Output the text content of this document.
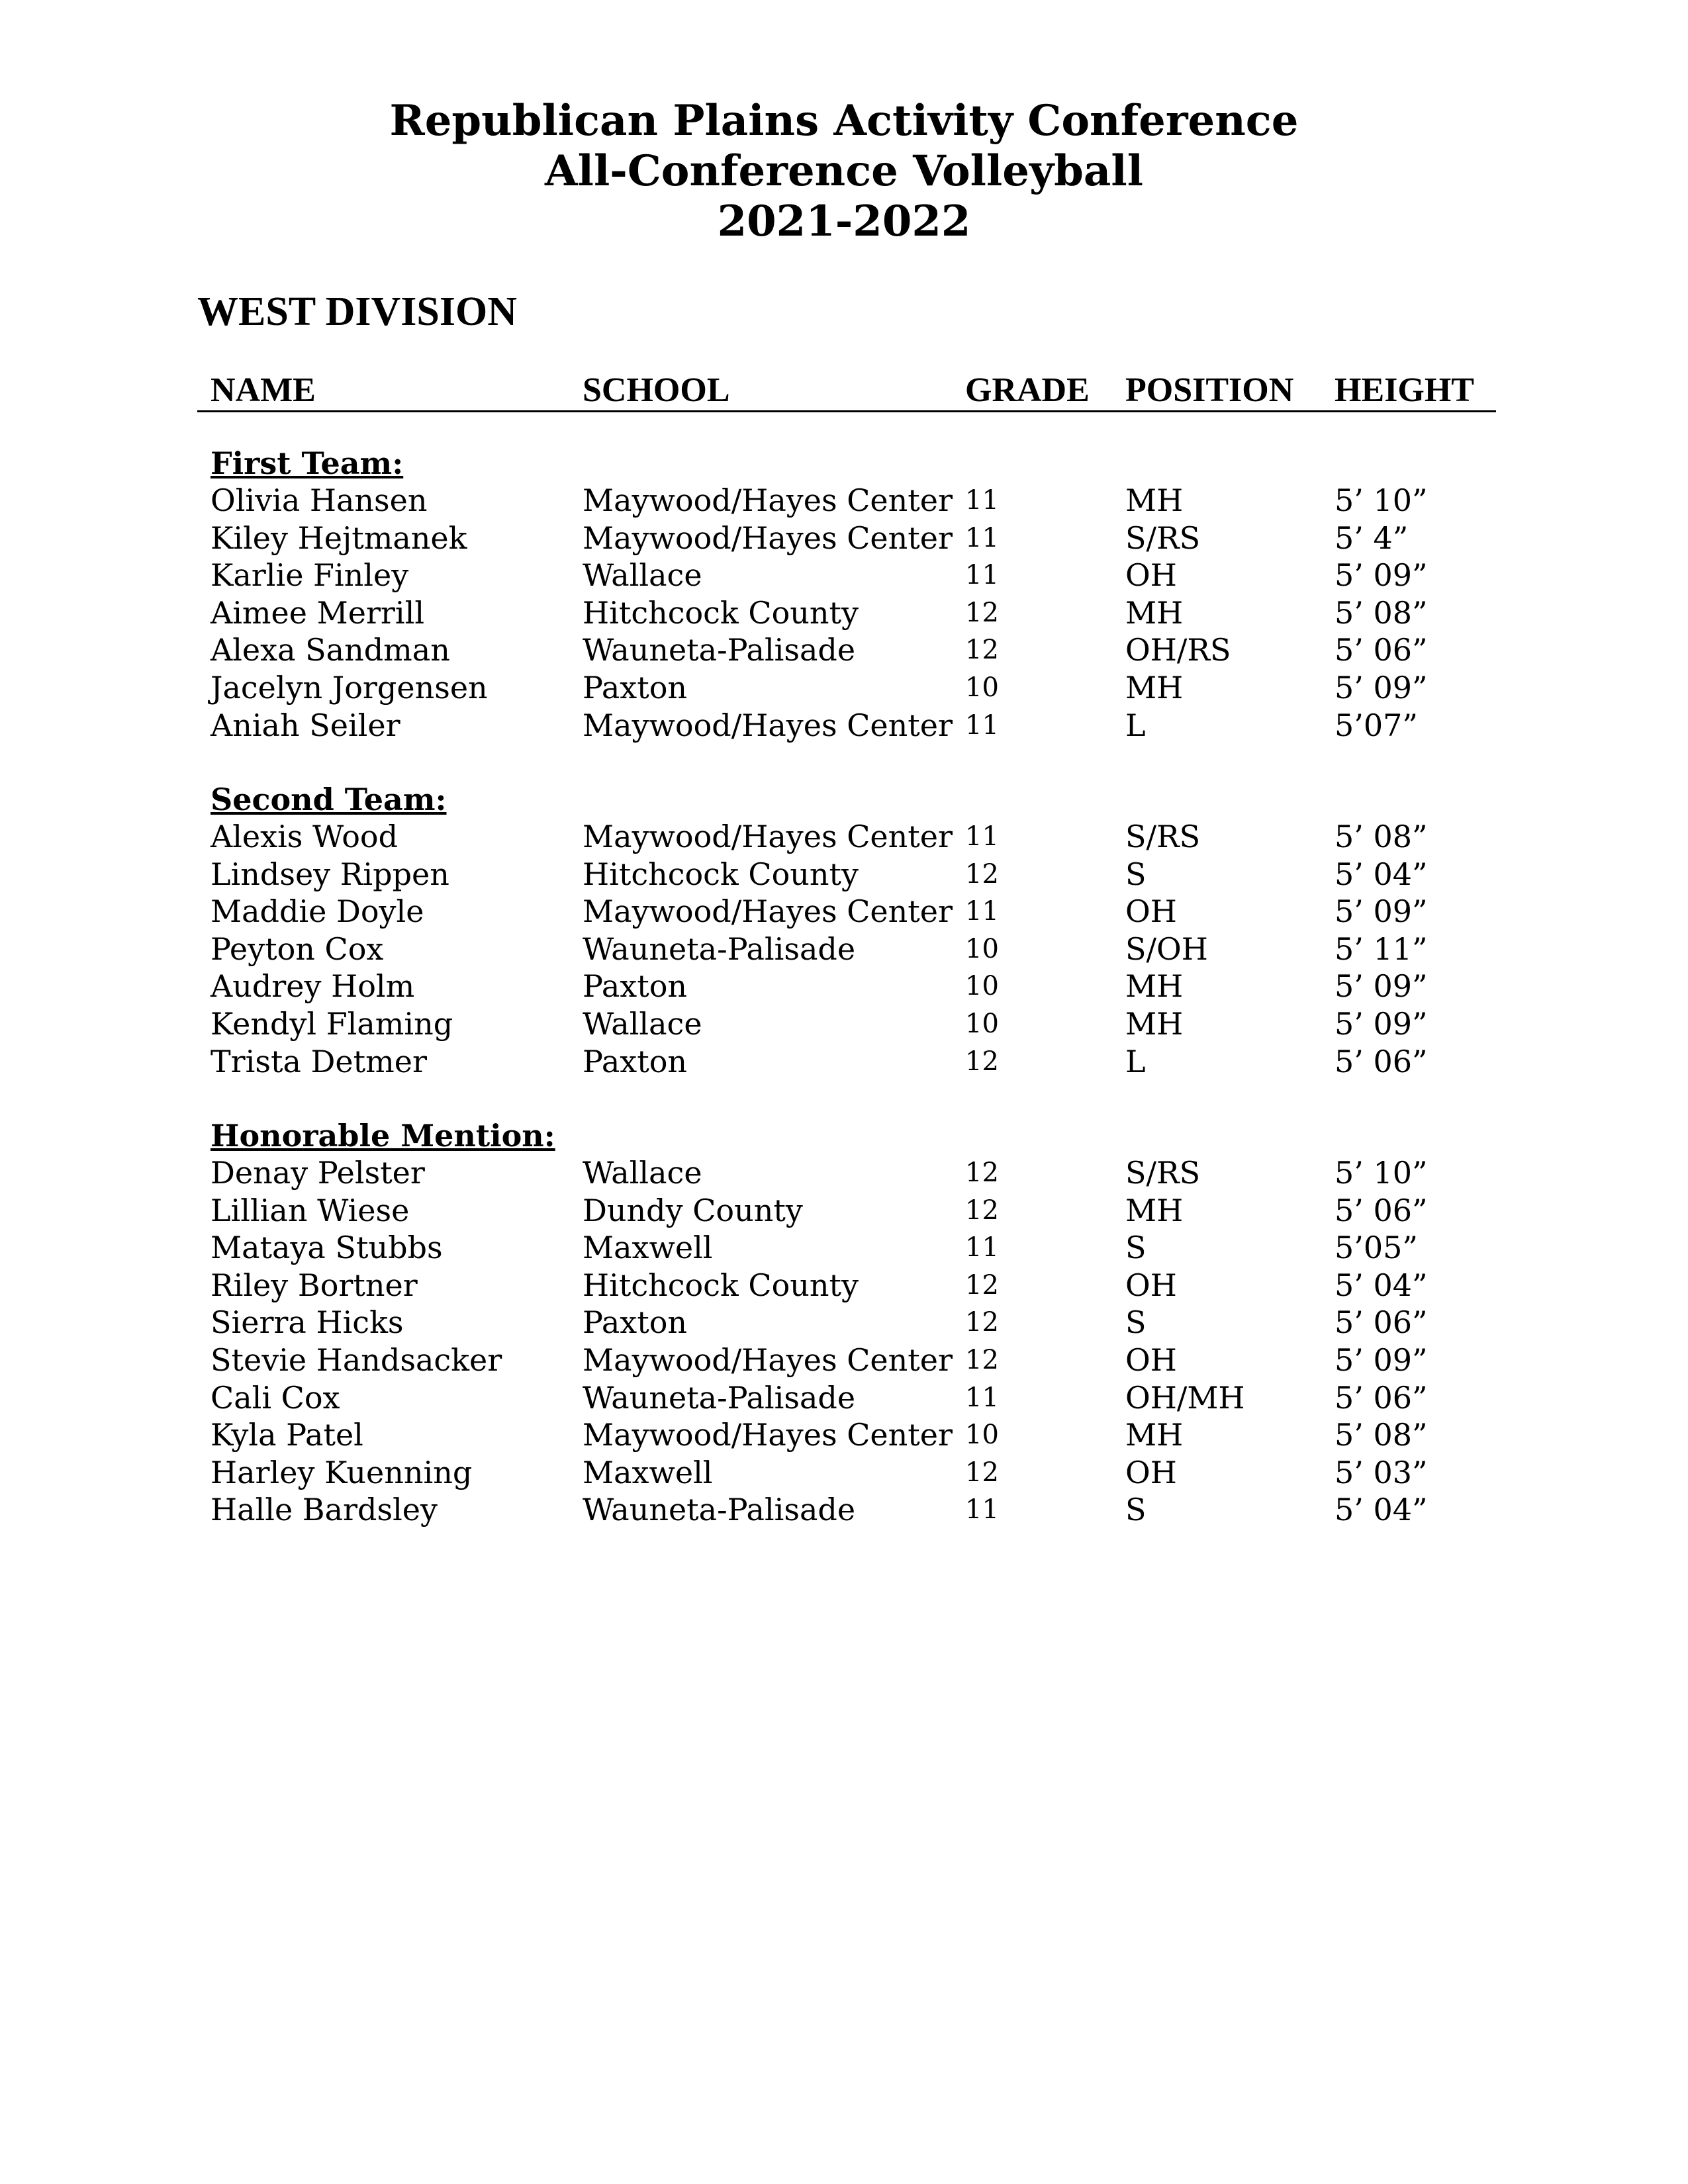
Republican Plains Activity Conference
All-Conference Volleyball
2021-2022
WEST DIVISION
NAME	SCHOOL	GRADE POSITION HEIGHT
First Team:
Olivia Hansen	Maywood/Hayes Center 11	MH	5’ 10”
Kiley Hejtmanek	Maywood/Hayes Center 11	S/RS	5’ 4”
Karlie Finley	Wallace	11	OH	5’ 09”
Aimee Merrill	Hitchcock County	12	MH	5’ 08”
Alexa Sandman	Wauneta-Palisade	12	OH/RS	5’ 06”
Jacelyn Jorgensen	Paxton	10	MH	5’ 09”
Aniah Seiler	Maywood/Hayes Center 11	L	5’07”
Second Team:
Alexis Wood	Maywood/Hayes Center 11	S/RS	5’ 08”
Lindsey Rippen	Hitchcock County	12	S	5’ 04”
Maddie Doyle	Maywood/Hayes Center 11	OH	5’ 09”
Peyton Cox	Wauneta-Palisade	10	S/OH	5’ 11”
Audrey Holm	Paxton	10	MH	5’ 09”
Kendyl Flaming	Wallace	10	MH	5’ 09”
Trista Detmer	Paxton	12	L	5’ 06”
Honorable Mention:
Denay Pelster	Wallace	12	S/RS	5’ 10”
Lillian Wiese	Dundy County	12	MH	5’ 06”
Mataya Stubbs	Maxwell	11	S	5’05”
Riley Bortner	Hitchcock County	12	OH	5’ 04”
Sierra Hicks	Paxton	12	S	5’ 06”
Stevie Handsacker	Maywood/Hayes Center 12	OH	5’ 09”
Cali Cox	Wauneta-Palisade	11	OH/MH	5’ 06”
Kyla Patel	Maywood/Hayes Center 10	MH	5’ 08”
Harley Kuenning	Maxwell	12	OH	5’ 03”
Halle Bardsley	Wauneta-Palisade	11	S	5’ 04”
